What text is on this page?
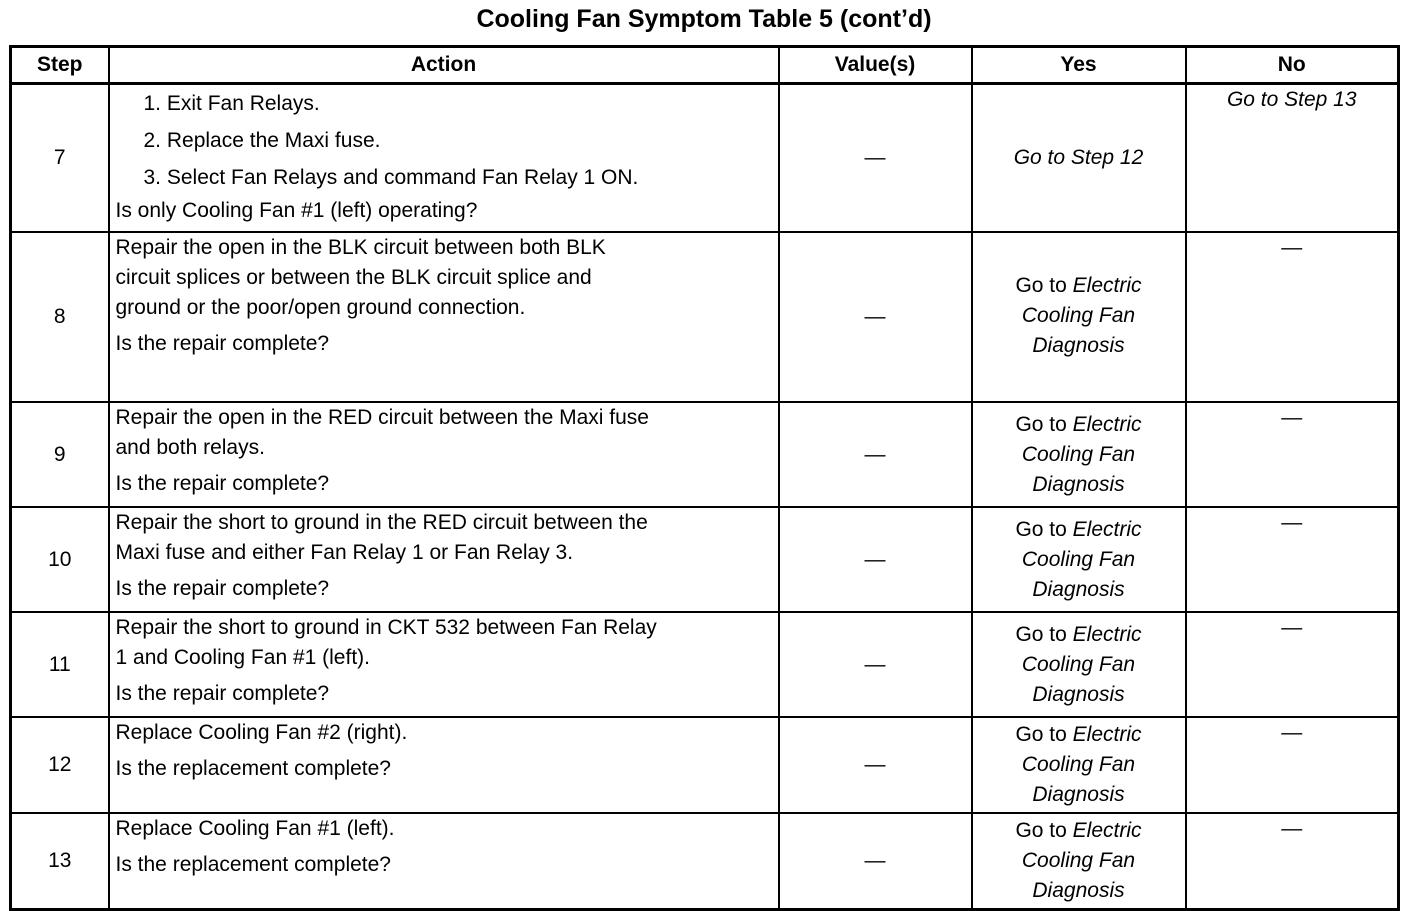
Cooling Fan Symptom Table 5 (cont’d)
Step	Action	Value(s)	Yes	No
7	1. Exit Fan Relays.
2. Replace the Maxi fuse.
3. Select Fan Relays and command Fan Relay 1 ON.
Is only Cooling Fan #1 (left) operating?	—	Go to Step 12	Go to Step 13
8	Repair the open in the BLK circuit between both BLK
circuit splices or between the BLK circuit splice and
ground or the poor/open ground connection.
Is the repair complete?	—	Go to Electric Cooling Fan Diagnosis	—
9	Repair the open in the RED circuit between the Maxi fuse
and both relays.
Is the repair complete?	—	Go to Electric Cooling Fan Diagnosis	—
10	Repair the short to ground in the RED circuit between the
Maxi fuse and either Fan Relay 1 or Fan Relay 3.
Is the repair complete?	—	Go to Electric Cooling Fan Diagnosis	—
11	Repair the short to ground in CKT 532 between Fan Relay
1 and Cooling Fan #1 (left).
Is the repair complete?	—	Go to Electric Cooling Fan Diagnosis	—
12	Replace Cooling Fan #2 (right).
Is the replacement complete?	—	Go to Electric Cooling Fan Diagnosis	—
13	Replace Cooling Fan #1 (left).
Is the replacement complete?	—	Go to Electric Cooling Fan Diagnosis	—
